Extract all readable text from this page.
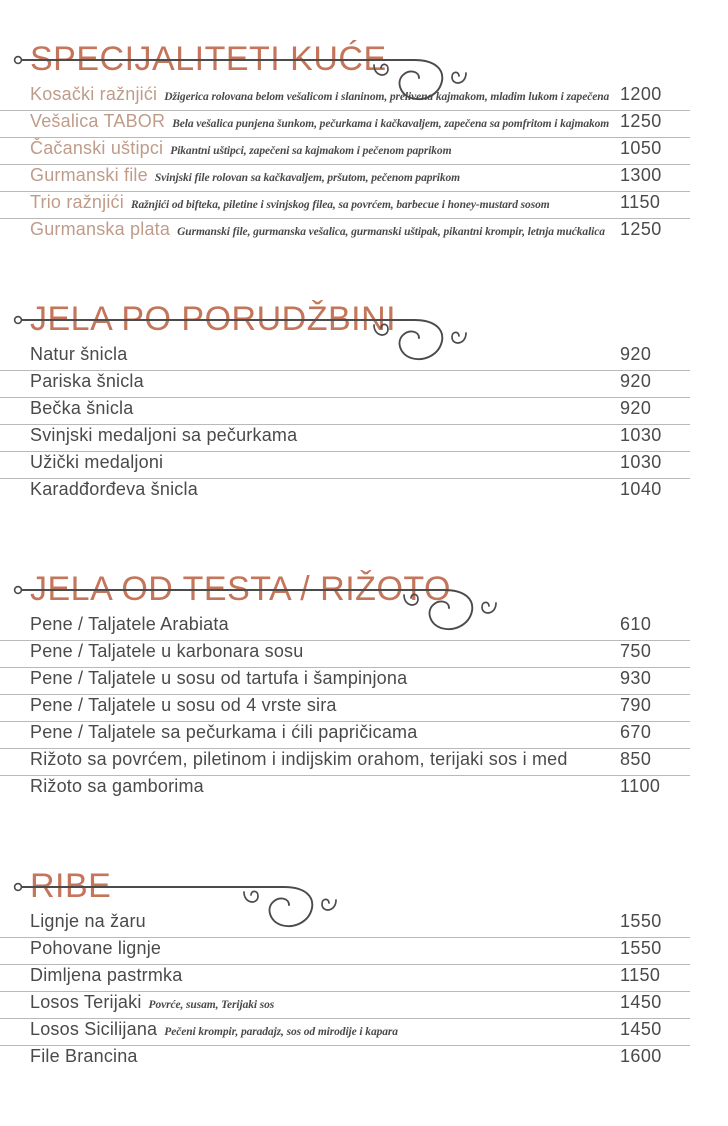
SPECIJALITETI KUĆE
Kosački ražnjići Džigerica rolovana belom vešalicom i slaninom, prelivena kajmakom, mladim lukom i zapečena 1200
Vešalica TABOR Bela vešalica punjena šunkom, pečurkama i kačkavaljem, zapečena sa pomfritom i kajmakom 1250
Čačanski uštipci Pikantni uštipci, zapečeni sa kajmakom i pečenom paprikom	1050
Gurmanski file Svinjski file rolovan sa kačkavaljem, pršutom, pečenom paprikom	1300
Trio ražnjići Ražnjići od bifteka, piletine i svinjskog filea, sa povrćem, barbecue i honey-mustard sosom	1150
Gurmanska plata Gurmanski file, gurmanska vešalica, gurmanski uštipak, pikantni krompir, letnja mućkalica 1250
JELA PO PORUDŽBINI
Natur šnicla	920
Pariska šnicla	920
Bečka šnicla	920
Svinjski medaljoni sa pečurkama	1030
Užički medaljoni	1030
Karadđorđeva šnicla	1040
JELA OD TESTA / RIŽOTO
Pene / Taljatele Arabiata	610
Pene / Taljatele u karbonara sosu	750
Pene / Taljatele u sosu od tartufa i šampinjona	930
Pene / Taljatele u sosu od 4 vrste sira	790
Pene / Taljatele sa pečurkama i ćili papričicama	670
Rižoto sa povrćem, piletinom i indijskim orahom, terijaki sos i med	850
Rižoto sa gamborima	1100
RIBE
Lignje na žaru	1550
Pohovane lignje	1550
Dimljena pastrmka	1150
Losos Terijaki Povrće, susam, Terijaki sos	1450
Losos Sicilijana Pečeni krompir, paradajz, sos od mirodije i kapara	1450
File Brancina	1600
